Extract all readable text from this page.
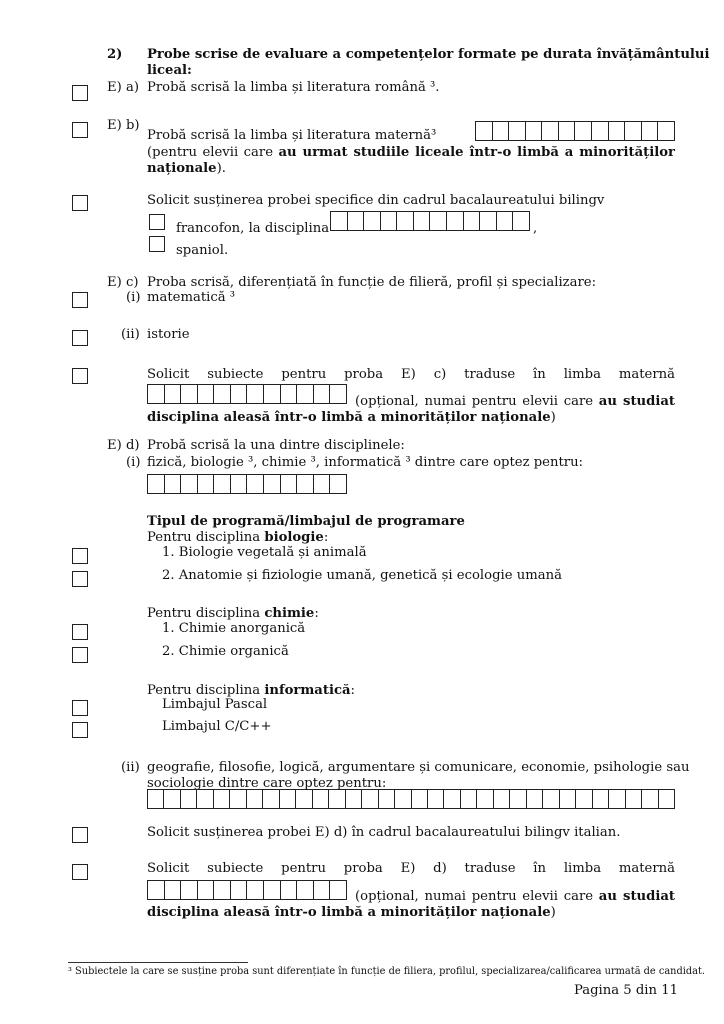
2) Probe scrise de evaluare a competențelor formate pe durata învățământului
liceal:
E) a) Probă scrisă la limba și literatura română ³.
E) b)
Probă scrisă la limba și literatura maternă³
(pentru elevii care au urmat studiile liceale într-o limbă a minorităților
naționale).
Solicit susținerea probei specifice din cadrul bacalaureatului bilingv
francofon, la disciplina	,
spaniol.
E) c) Proba scrisă, diferențiată în funcție de filieră, profil și specializare:
(i) matematică ³
(ii) istorie
Solicit subiecte pentru proba E) c) traduse în limba maternă
(opțional, numai pentru elevii care au studiat
disciplina aleasă într-o limbă a minorităților naționale)
E) d) Probă scrisă la una dintre disciplinele:
(i) fizică, biologie ³, chimie ³, informatică ³ dintre care optez pentru:
Tipul de programă/limbajul de programare
Pentru disciplina biologie:
1. Biologie vegetală și animală
2. Anatomie și fiziologie umană, genetică și ecologie umană
Pentru disciplina chimie:
1. Chimie anorganică
2. Chimie organică
Pentru disciplina informatică:
Limbajul Pascal
Limbajul C/C++
(ii) geografie, filosofie, logică, argumentare și comunicare, economie, psihologie sau
sociologie dintre care optez pentru:
Solicit susținerea probei E) d) în cadrul bacalaureatului bilingv italian.
Solicit subiecte pentru proba E) d) traduse în limba maternă
(opțional, numai pentru elevii care au studiat
disciplina aleasă într-o limbă a minorităților naționale)
³ Subiectele la care se susține proba sunt diferențiate în funcție de filiera, profilul, specializarea/calificarea urmată de candidat.
Pagina 5 din 11
